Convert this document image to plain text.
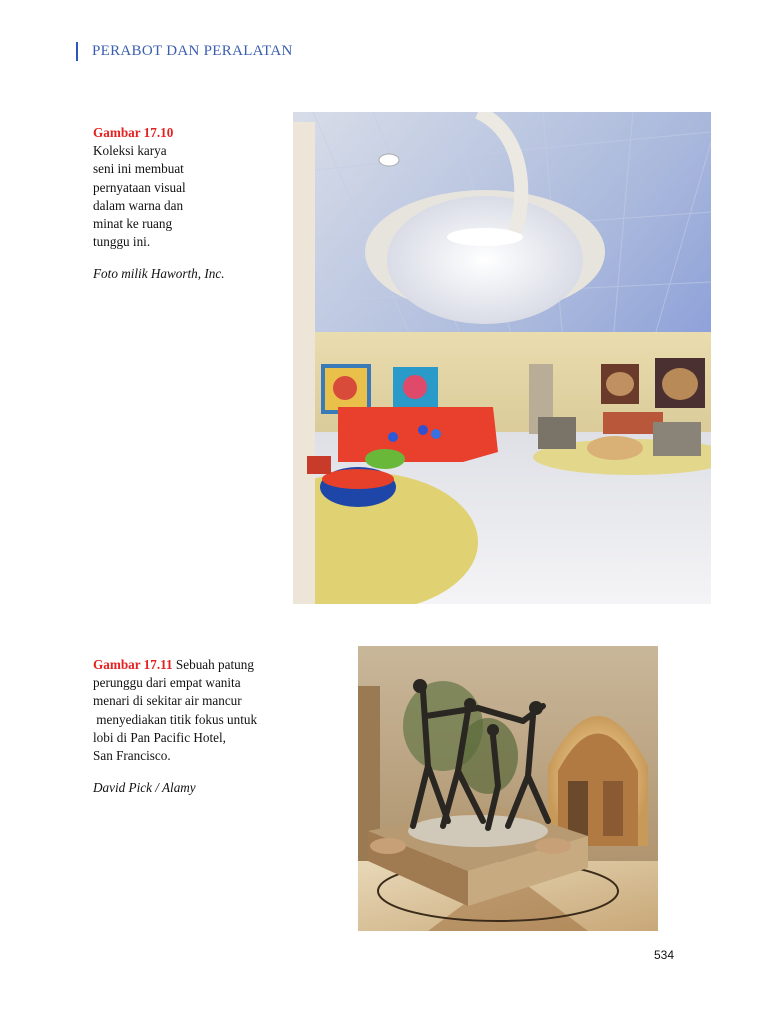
PERABOT DAN PERALATAN
Gambar 17.10
Koleksi karya
seni ini membuat
pernyataan visual
dalam warna dan
minat ke ruang
tunggu ini.
Foto milik Haworth, Inc.
Gambar 17.11 Sebuah patung
perunggu dari empat wanita
menari di sekitar air mancur
menyediakan titik fokus untuk
lobi di Pan Pacific Hotel,
San Francisco.
David Pick / Alamy
534
